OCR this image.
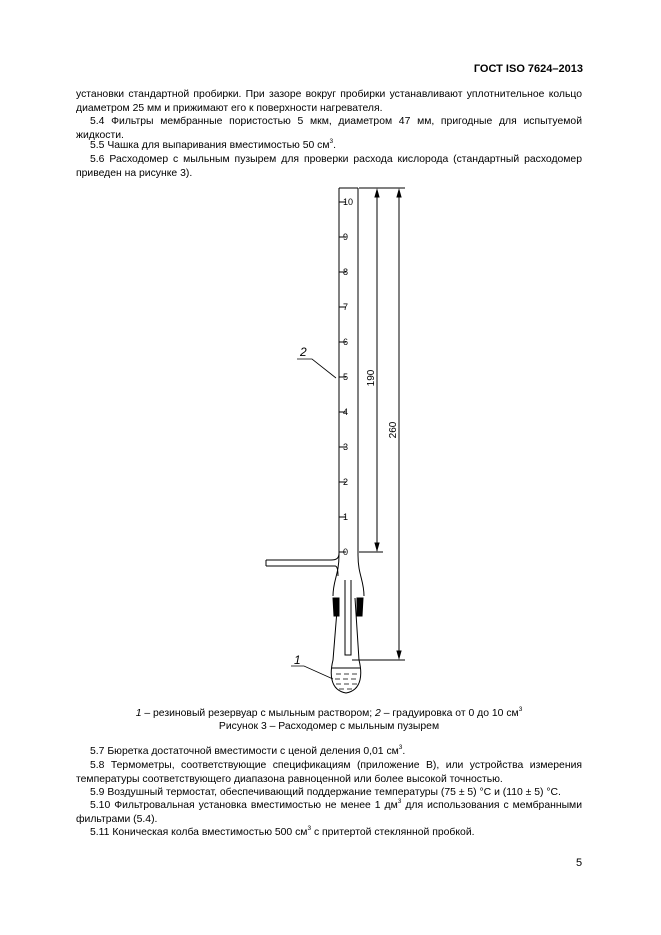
ГОСТ ISO 7624–2013
установки стандартной пробирки. При зазоре вокруг пробирки устанавливают уплотнительное кольцо диаметром 25 мм и прижимают его к поверхности нагревателя.
5.4 Фильтры мембранные пористостью 5 мкм, диаметром 47 мм, пригодные для испытуемой жидкости.
5.5 Чашка для выпаривания вместимостью 50 $см^3$.
5.6 Расходомер с мыльным пузырем для проверки расхода кислорода (стандартный расходомер приведен на рисунке 3).
10
9
8
7
6
5
4
3
2
1
0
190
260
2
1
1 – резиновый резервуар с мыльным раствором; 2 – градуировка от 0 до 10 $см^3$
Рисунок 3 – Расходомер с мыльным пузырем
5.7 Бюретка достаточной вместимости с ценой деления 0,01 $см^3$.
5.8 Термометры, соответствующие спецификациям (приложение В), или устройства измерения температуры соответствующего диапазона равноценной или более высокой точностью.
5.9 Воздушный термостат, обеспечивающий поддержание температуры (75 ± 5) °С и (110 ± 5) °С.
5.10 Фильтровальная установка вместимостью не менее 1 $дм^3$ для использования с мембранными фильтрами (5.4).
5.11 Коническая колба вместимостью 500 $см^3$ с притертой стеклянной пробкой.
5
